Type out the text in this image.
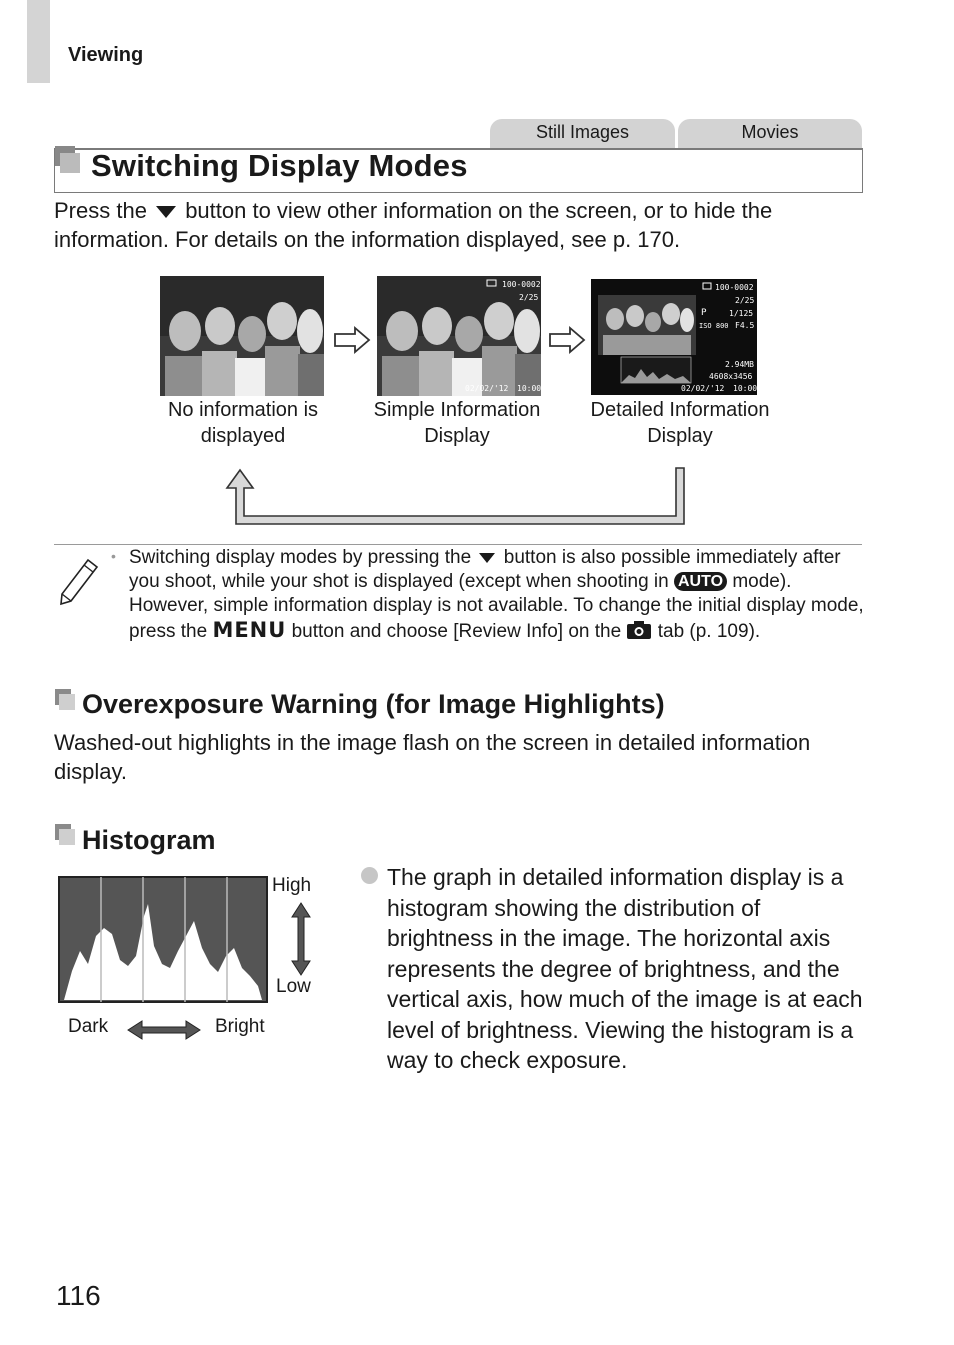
Viewing
Still Images	Movies
Switching Display Modes
Press the button to view other information on the screen, or to hide the information. For details on the information displayed, see p. 170.
100-0002
2/25
02/02/'12 10:00
100-0002
2/25
P	1/125
ISO 800 F4.5
2.94MB
4608x3456
02/02/'12 10:00
No information is displayed
Simple Information Display
Detailed Information Display
• Switching display modes by pressing the button is also possible immediately after you shoot, while your shot is displayed (except when shooting in AUTO mode). However, simple information display is not available. To change the initial display mode, press the MENU button and choose [Review Info] on the tab (p. 109).
Overexposure Warning (for Image Highlights)
Washed-out highlights in the image flash on the screen in detailed information display.
Histogram
High
Low
Dark	Bright
The graph in detailed information display is a histogram showing the distribution of brightness in the image. The horizontal axis represents the degree of brightness, and the vertical axis, how much of the image is at each level of brightness. Viewing the histogram is a way to check exposure.
116
